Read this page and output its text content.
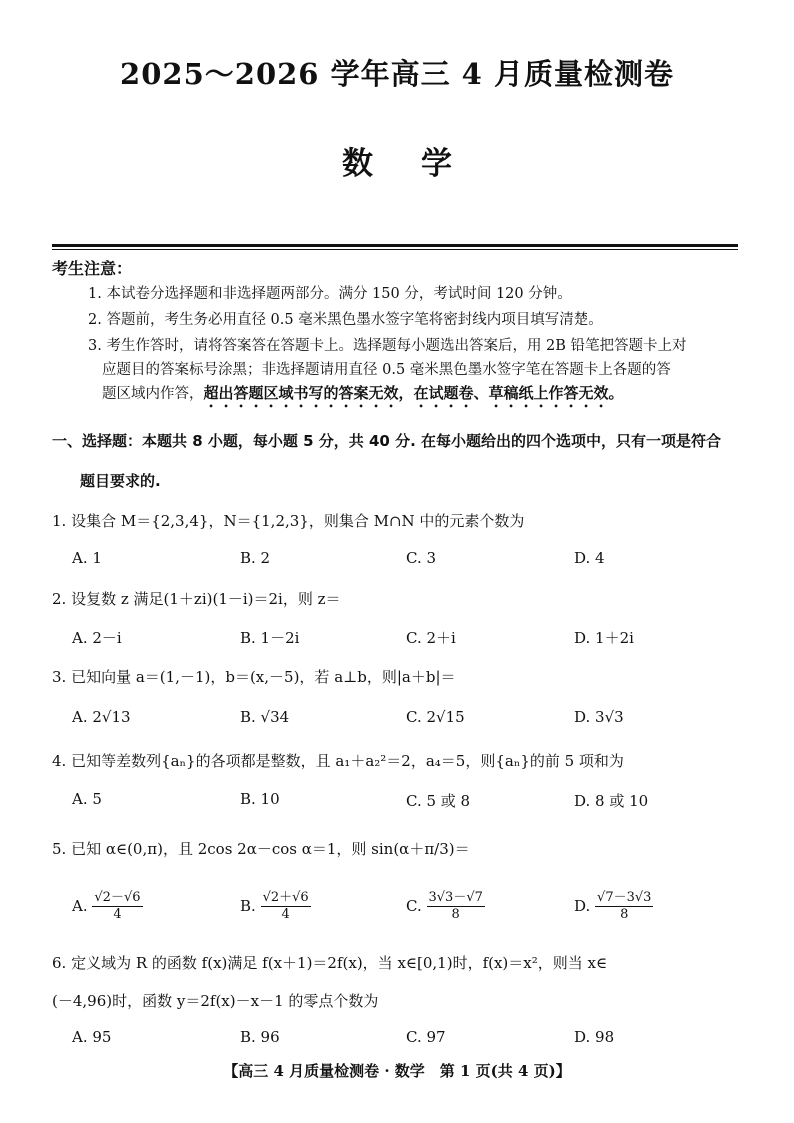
2025～2026 学年高三 4 月质量检测卷
数学
考生注意：
1. 本试卷分选择题和非选择题两部分。满分 150 分，考试时间 120 分钟。
2. 答题前，考生务必用直径 0.5 毫米黑色墨水签字笔将密封线内项目填写清楚。
3. 考生作答时，请将答案答在答题卡上。选择题每小题选出答案后，用 2B 铅笔把答题卡上对
应题目的答案标号涂黑；非选择题请用直径 0.5 毫米黑色墨水签字笔在答题卡上各题的答
题区域内作答，超出答题区域书写的答案无效，在试题卷、草稿纸上作答无效。
一、选择题：本题共 8 小题，每小题 5 分，共 40 分. 在每小题给出的四个选项中，只有一项是符合
题目要求的.
1. 设集合 M＝{2,3,4}，N＝{1,2,3}，则集合 M∩N 中的元素个数为
A. 1	B. 2	C. 3	D. 4
2. 设复数 z 满足(1＋zi)(1－i)＝2i，则 z＝
A. 2－i	B. 1－2i	C. 2＋i	D. 1＋2i
3. 已知向量 a＝(1,－1)，b＝(x,－5)，若 a⊥b，则|a＋b|＝
A. 2√13	B. √34	C. 2√15	D. 3√3
4. 已知等差数列{aₙ}的各项都是整数，且 a₁＋a₂²＝2，a₄＝5，则{aₙ}的前 5 项和为
A. 5	B. 10	C. 5 或 8	D. 8 或 10
5. 已知 α∈(0,π)，且 2cos 2α－cos α＝1，则 sin(α＋π/3)＝
A. $\frac{√2-√6}{4}$	B. $\frac{√2+√6}{4}$	C. $\frac{3√3-√7}{8}$	D. $\frac{√7-3√3}{8}$
6. 定义域为 R 的函数 f(x)满足 f(x＋1)＝2f(x)，当 x∈[0,1)时，f(x)＝x²，则当 x∈
(－4,96)时，函数 y＝2f(x)－x－1 的零点个数为
A. 95	B. 96	C. 97	D. 98
【高三 4 月质量检测卷 · 数学　第 1 页(共 4 页)】
